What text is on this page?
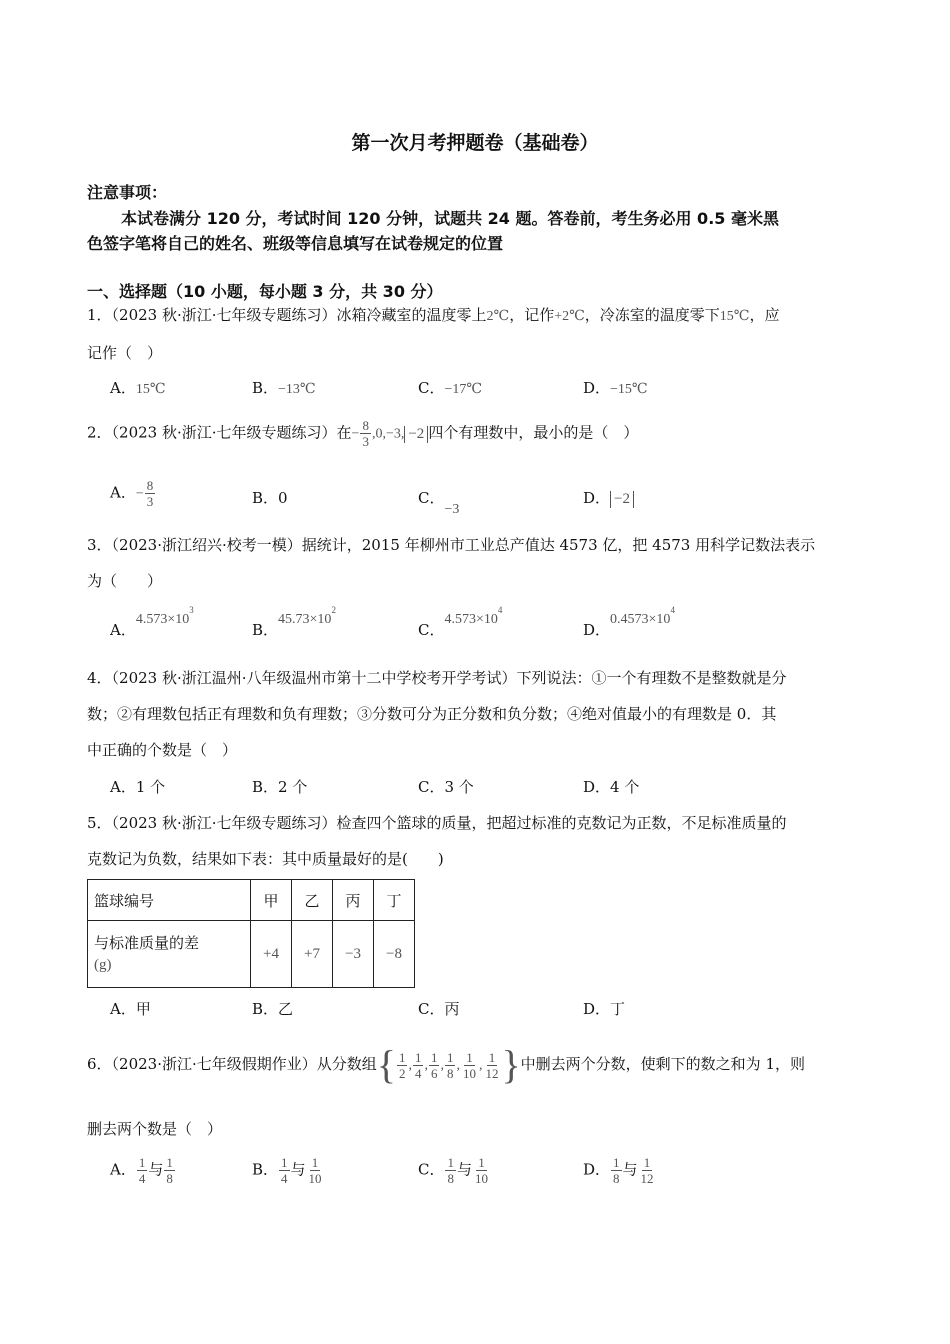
第一次月考押题卷（基础卷）
注意事项：
本试卷满分 120 分，考试时间 120 分钟，试题共 24 题。答卷前，考生务必用 0.5 毫米黑
色签字笔将自己的姓名、班级等信息填写在试卷规定的位置
一、选择题（10 小题，每小题 3 分，共 30 分）
1．（2023 秋·浙江·七年级专题练习）冰箱冷藏室的温度零上2℃，记作+2℃，冷冻室的温度零下15℃，应
记作（　）
A．15℃	B．−13℃	C．−17℃	D．−15℃
2．（2023 秋·浙江·七年级专题练习）在− $\frac{8}{3} ,0,-3$, −2 四个有理数中，最小的是（　）
A．− $\frac{8}{3}$	B．0	C．−3
D． −2
3．（2023·浙江绍兴·校考一模）据统计，2015 年柳州市工业总产值达 4573 亿，把 4573 用科学记数法表示
为（　　）
A．$4.573\times 10^3$
B．$45.73\times 10^2$
C．$4.573\times 10^4$
D．$0.4573\times 10^4$
4．（2023 秋·浙江温州·八年级温州市第十二中学校考开学考试）下列说法：①一个有理数不是整数就是分
数；②有理数包括正有理数和负有理数；③分数可分为正分数和负分数；④绝对值最小的有理数是 0．其
中正确的个数是（　）
A．1 个	B．2 个	C．3 个	D．4 个
5．（2023 秋·浙江·七年级专题练习）检查四个篮球的质量，把超过标准的克数记为正数，不足标准质量的
克数记为负数，结果如下表：其中质量最好的是(　　)
篮球编号	甲	乙	丙	丁

与标准质量的差
(g)	+4	+7	−3	−8
A．甲	B．乙	C．丙	D．丁
6．（2023·浙江·七年级假期作业）从分数组{ $\frac{1}{2}$ , $\frac{1}{4}$ , $\frac{1}{6}$ , $\frac{1}{8}$ , $\frac{1}{10}$ , $\frac{1}{12}$ }中删去两个分数，使剩下的数之和为 1，则
删去两个数是（　）
A． $\frac{1}{4}$ 与 $\frac{1}{8}$	B． $\frac{1}{4}$ 与 $\frac{1}{10}$	C． $\frac{1}{8}$ 与 $\frac{1}{10}$	D． $\frac{1}{8}$ 与 $\frac{1}{12}$
